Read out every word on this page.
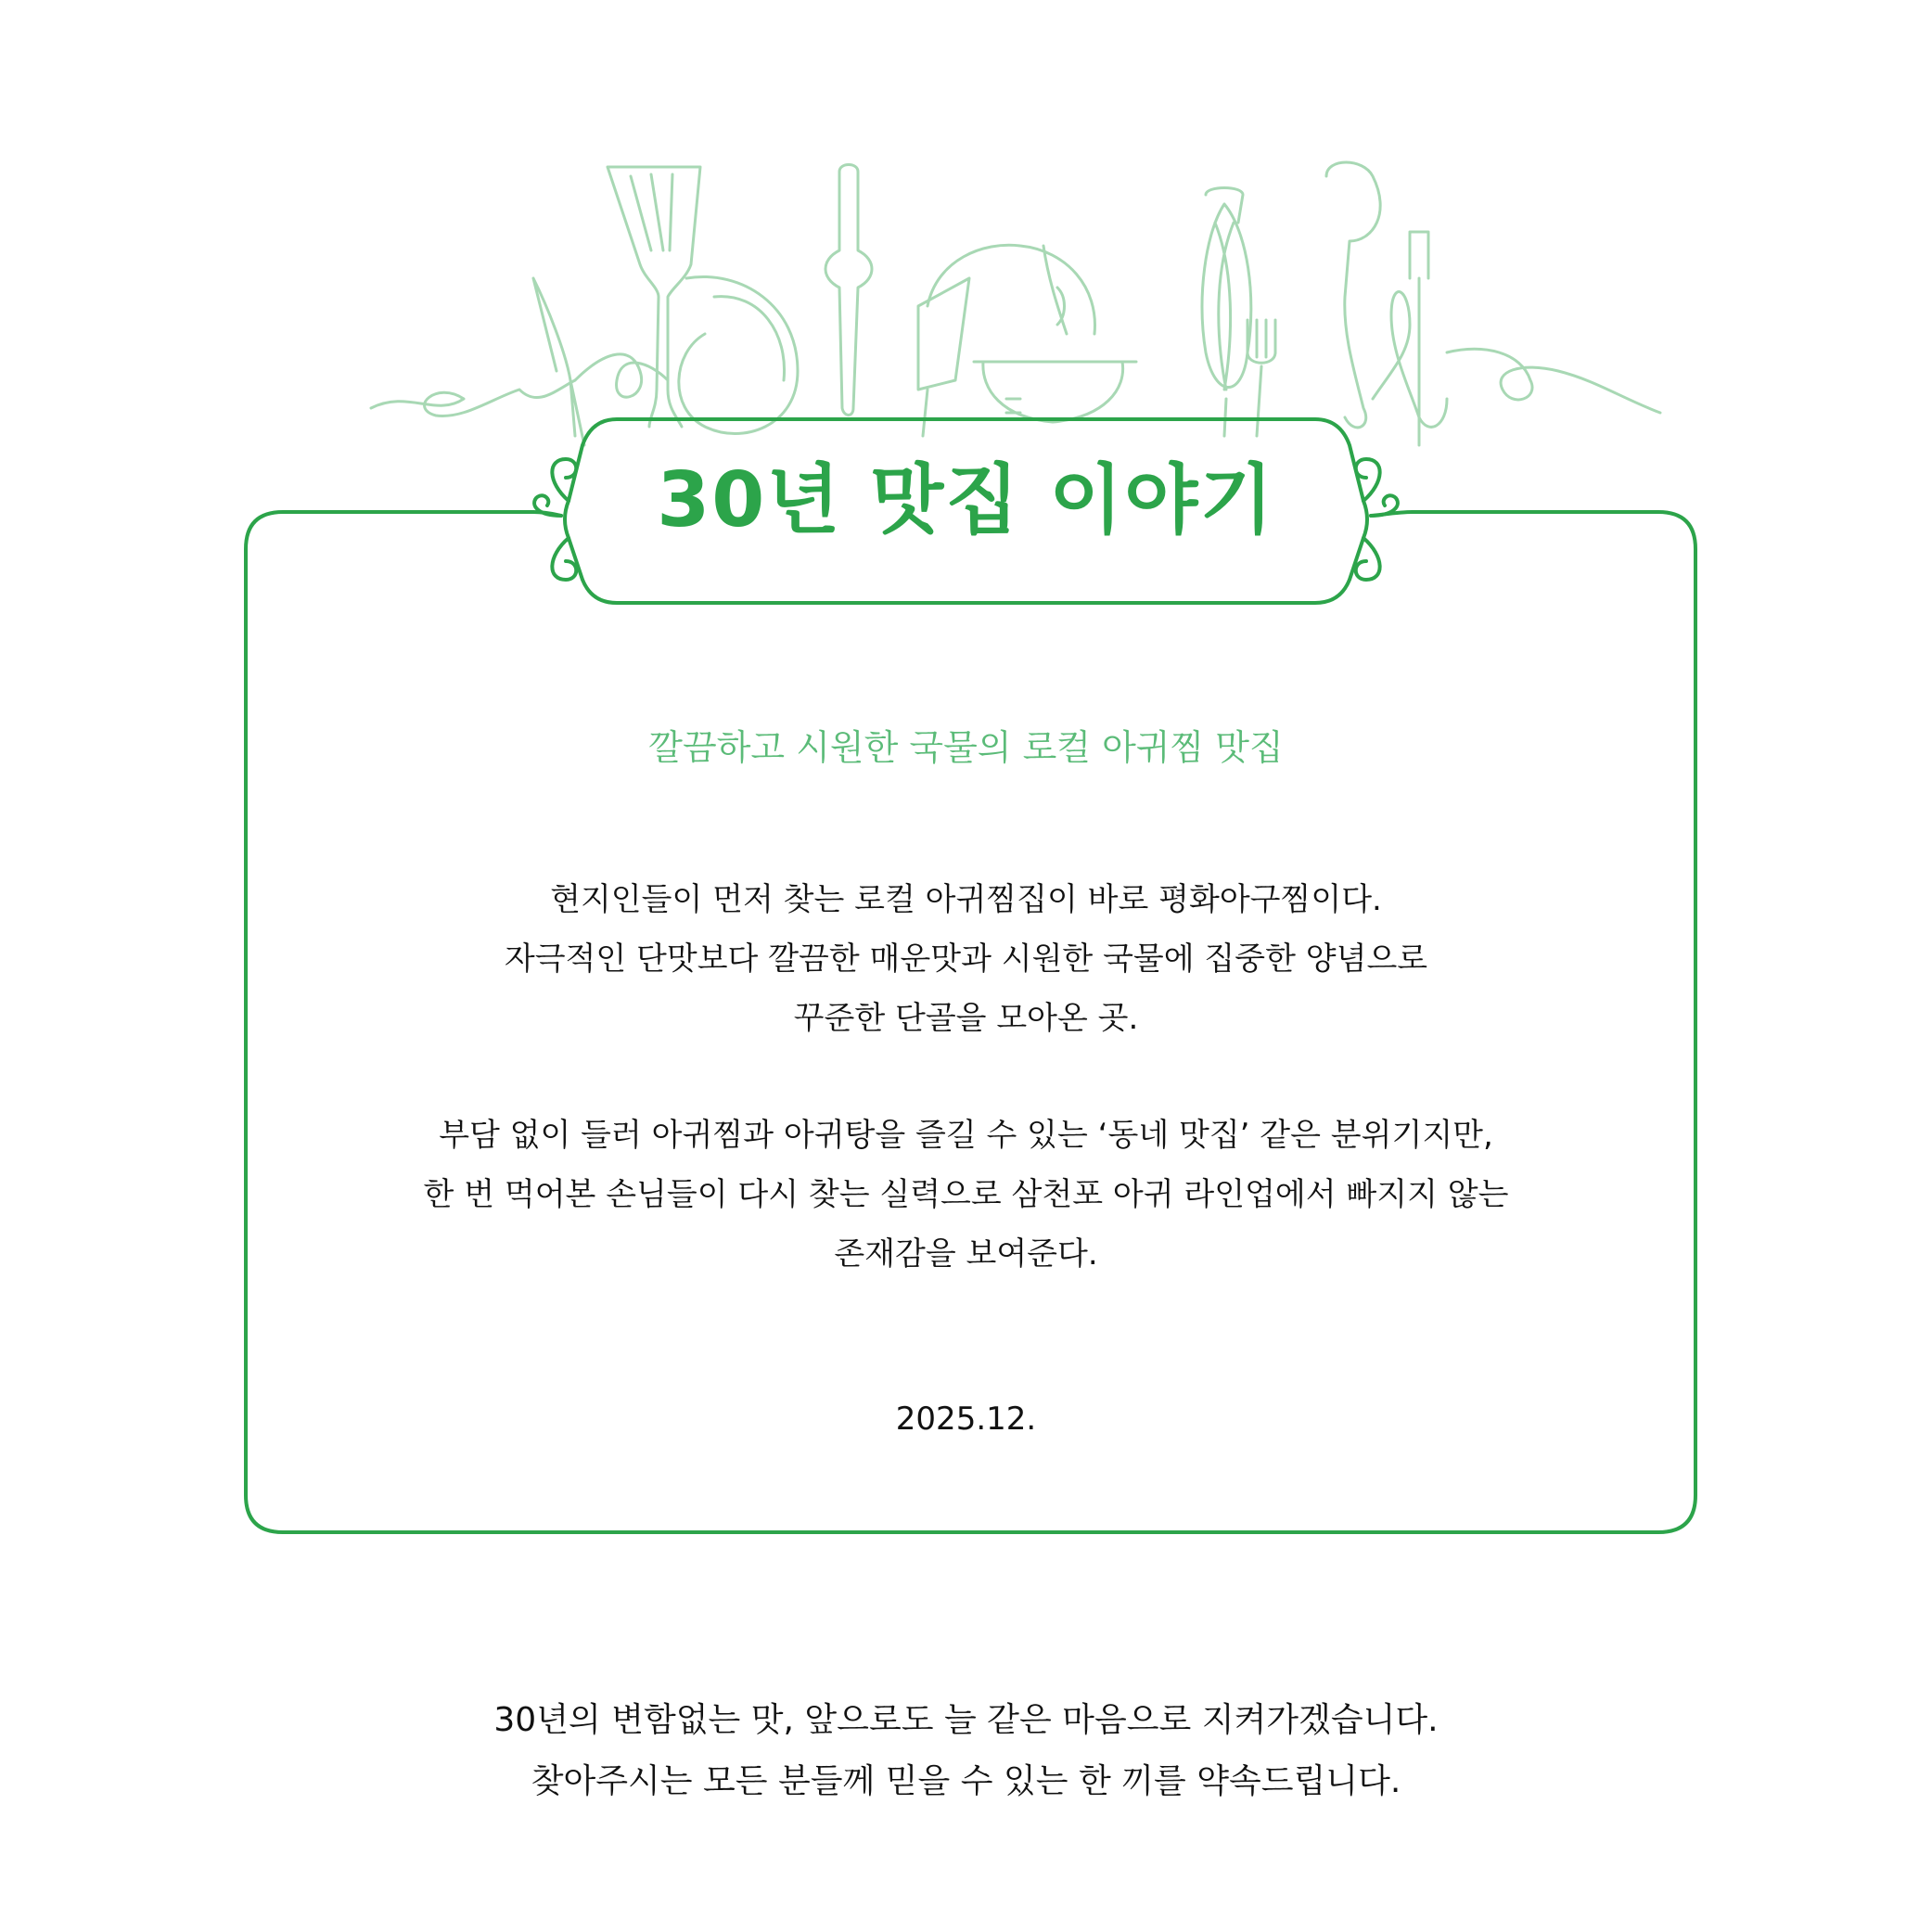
30년 맛집 이야기
깔끔하고 시원한 국물의 로컬 아귀찜 맛집
현지인들이 먼저 찾는 로컬 아귀찜집이 바로 평화아구찜이다.
자극적인 단맛보다 깔끔한 매운맛과 시원한 국물에 집중한 양념으로
꾸준한 단골을 모아온 곳.
부담 없이 들러 아귀찜과 아귀탕을 즐길 수 있는 ‘동네 맛집’ 같은 분위기지만,
한 번 먹어본 손님들이 다시 찾는 실력으로 삼천포 아귀 라인업에서 빠지지 않는
존재감을 보여준다.
2025.12.
30년의 변함없는 맛, 앞으로도 늘 같은 마음으로 지켜가겠습니다.
찾아주시는 모든 분들께 믿을 수 있는 한 끼를 약속드립니다.
